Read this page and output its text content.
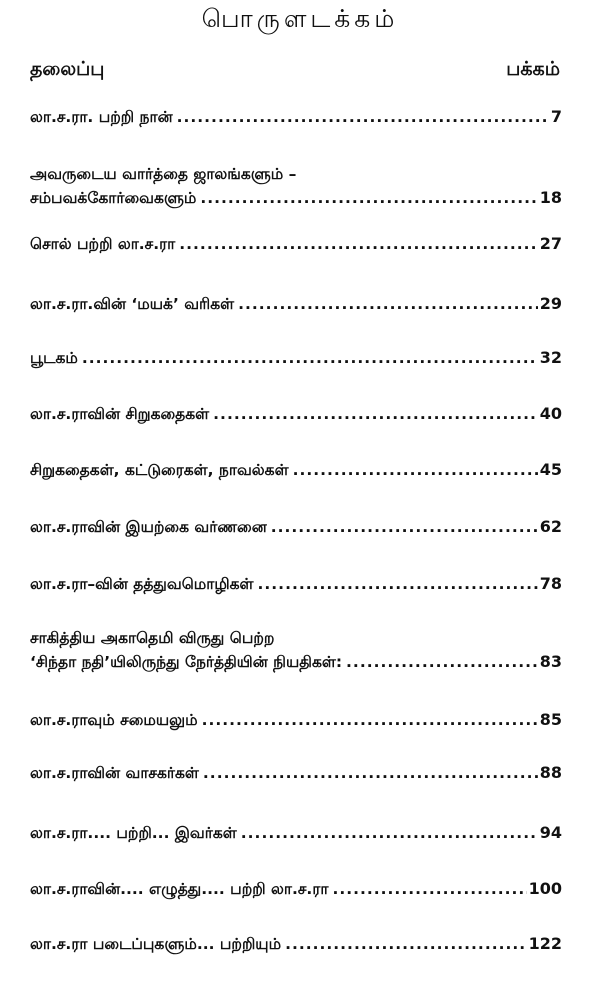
பொருளடக்கம்
தலைப்பு	பக்கம்
லா.ச.ரா. பற்றி நான் .....	7
அவருடைய வார்த்தை ஜாலங்களும் –
சம்பவக்கோர்வைகளும் .....	18
சொல் பற்றி லா.ச.ரா .....	27
லா.ச.ரா.வின் ‘மயக்’ வரிகள் .....	29
பூடகம் .....	32
லா.ச.ராவின் சிறுகதைகள் .....	40
சிறுகதைகள், கட்டுரைகள், நாவல்கள் .....	45
லா.ச.ராவின் இயற்கை வர்ணனை .....	62
லா.ச.ரா–வின் தத்துவமொழிகள் .....	78
சாகித்திய அகாதெமி விருது பெற்ற
‘சிந்தா நதி’யிலிருந்து நேர்த்தியின் நியதிகள்: .....	83
லா.ச.ராவும் சமையலும் .....	85
லா.ச.ராவின் வாசகர்கள் .....	88
லா.ச.ரா.... பற்றி... இவர்கள் .....	94
லா.ச.ராவின்.... எழுத்து.... பற்றி லா.ச.ரா .....	100
லா.ச.ரா படைப்புகளும்... பற்றியும் .....	122
